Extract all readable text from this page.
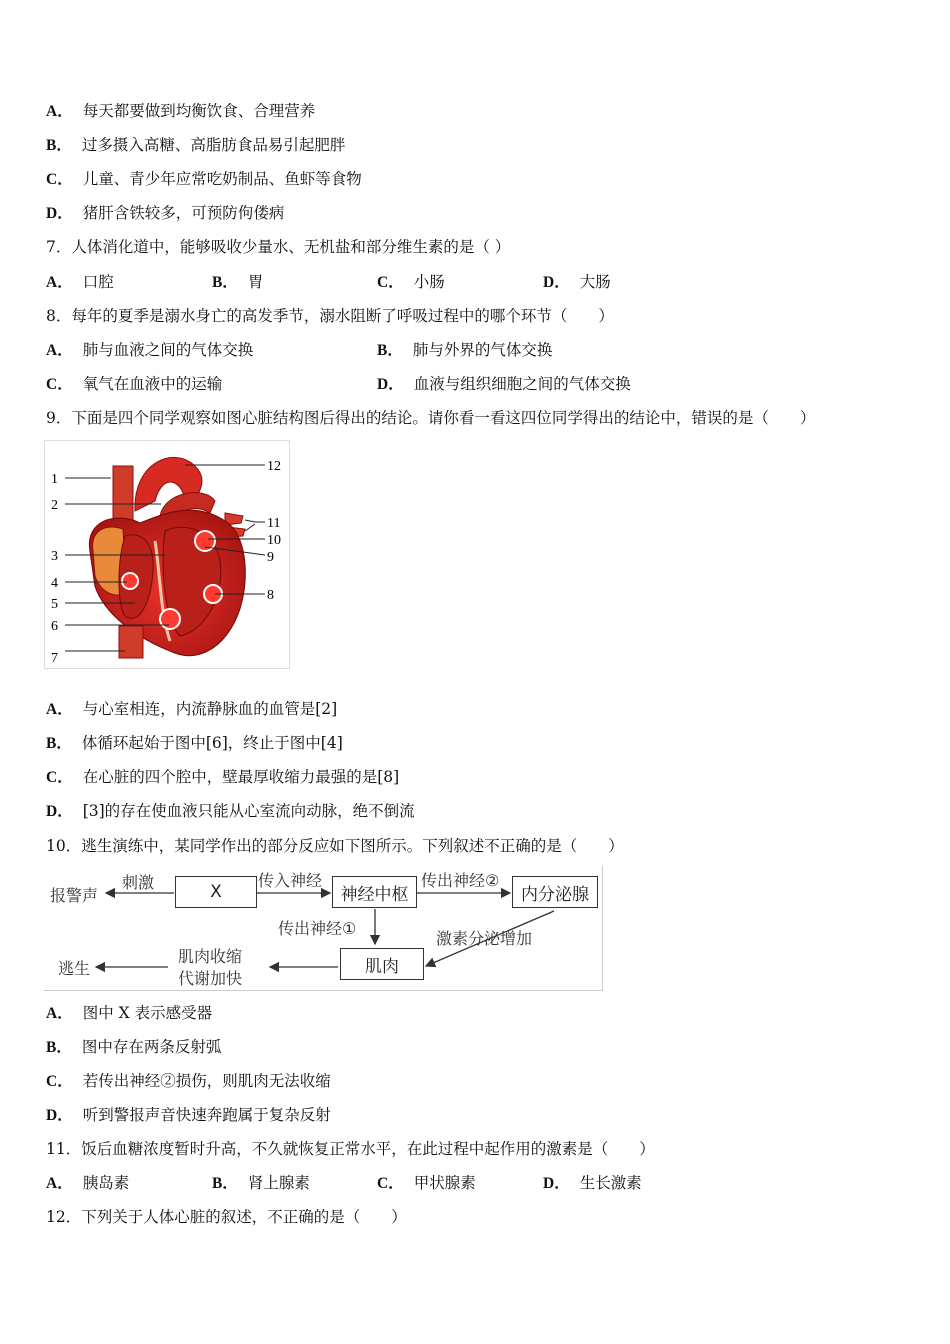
A． 每天都要做到均衡饮食、合理营养
B． 过多摄入高糖、高脂肪食品易引起肥胖
C． 儿童、青少年应常吃奶制品、鱼虾等食物
D． 猪肝含铁较多，可预防佝偻病
7．人体消化道中，能够吸收少量水、无机盐和部分维生素的是（ ）
A． 口腔	B． 胃	C． 小肠	D． 大肠
8．每年的夏季是溺水身亡的高发季节，溺水阻断了呼吸过程中的哪个环节（　　）
A． 肺与血液之间的气体交换	B． 肺与外界的气体交换
C． 氧气在血液中的运输	D． 血液与组织细胞之间的气体交换
9．下面是四个同学观察如图心脏结构图后得出的结论。请你看一看这四位同学得出的结论中，错误的是（　　）
1
2
3
4
5
6
7
12
11
10
9
8
A． 与心室相连，内流静脉血的血管是[2]
B． 体循环起始于图中[6]，终止于图中[4]
C． 在心脏的四个腔中，壁最厚收缩力最强的是[8]
D． [3]的存在使血液只能从心室流向动脉，绝不倒流
10．逃生演练中，某同学作出的部分反应如下图所示。下列叙述不正确的是（　　）
报警声
刺激	X
传入神经
神经中枢
传出神经②
内分泌腺
传出神经①
激素分泌增加
肌肉
肌肉收缩
代谢加快
逃生
A． 图中 X 表示感受器
B． 图中存在两条反射弧
C． 若传出神经②损伤，则肌肉无法收缩
D． 听到警报声音快速奔跑属于复杂反射
11．饭后血糖浓度暂时升高，不久就恢复正常水平，在此过程中起作用的激素是（　　）
A． 胰岛素	B． 肾上腺素	C． 甲状腺素	D． 生长激素
12．下列关于人体心脏的叙述，不正确的是（　　）
